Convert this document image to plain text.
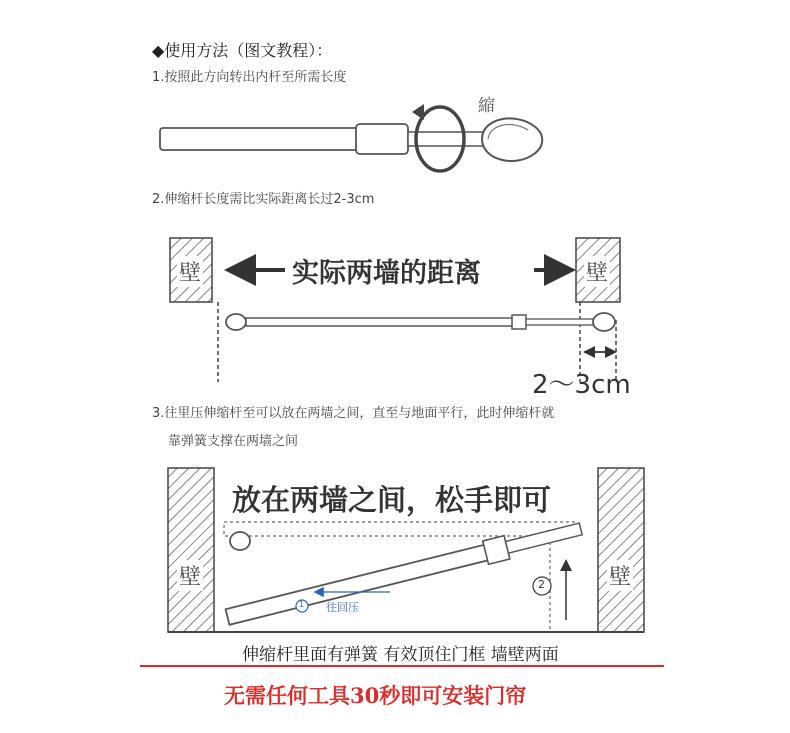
◆使用方法（图文教程）：
1.按照此方向转出内杆至所需长度
縮
2.伸缩杆长度需比实际距离长过2-3cm
实际两墙的距离
2～3cm
3.往里压伸缩杆至可以放在两墙之间，直至与地面平行，此时伸缩杆就
靠弹簧支撑在两墙之间
放在两墙之间，松手即可
往回压
1
2
伸缩杆里面有弹簧 有效顶住门框 墙壁两面
无需任何工具30秒即可安装门帘
壁	壁
壁	壁
